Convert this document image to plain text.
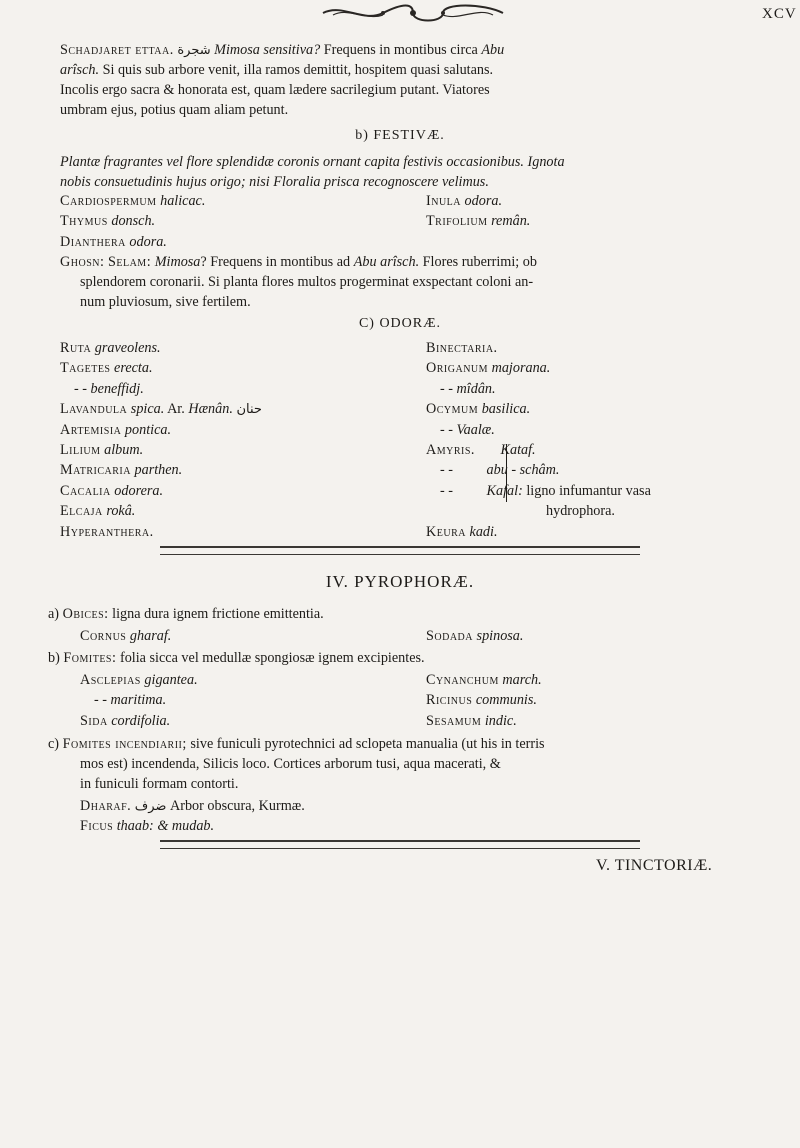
XCV
Schadjaret ettaa. شجرة Mimosa sensitiva? Frequens in montibus circa Abu
arîsch. Si quis sub arbore venit, illa ramos demittit, hospitem quasi salutans.
Incolis ergo sacra & honorata est, quam lædere sacrilegium putant. Viatores
umbram ejus, potius quam aliam petunt.
b) FESTIVÆ.
Plantæ fragrantes vel flore splendidæ coronis ornant capita festivis occasionibus. Ignota
nobis consuetudinis hujus origo; nisi Floralia prisca recognoscere velimus.
Cardiospermum halicac.
Thymus donsch.
Dianthera odora.
Inula odora.
Trifolium remân.
Ghosn: Selam: Mimosa? Frequens in montibus ad Abu arîsch. Flores ruberrimi; ob
splendorem coronarii. Si planta flores multos progerminat exspectant coloni an-
num pluviosum, sive fertilem.
C) ODORÆ.
Ruta graveolens.
Tagetes erecta.
- - beneffidj.
Lavandula spica. Ar. Hænân. حنان
Artemisia pontica.
Lilium album.
Matricaria parthen.
Cacalia odorera.
Elcaja rokâ.
Hyperanthera.
Binectaria.
Origanum majorana.
- - mîdân.
Ocymum basilica.
- - Vaalæ.
Amyris. Kataf.
- - abu - schâm.
- - Kafal: ligno infumantur vasa
hydrophora.
Keura kadi.
IV. PYROPHORÆ.
a) Obices: ligna dura ignem frictione emittentia.
Cornus gharaf.	Sodada spinosa.
b) Fomites: folia sicca vel medullæ spongiosæ ignem excipientes.
Asclepias gigantea.
- - maritima.
Sida cordifolia.
Cynanchum march.
Ricinus communis.
Sesamum indic.
c) Fomites incendiarii; sive funiculi pyrotechnici ad sclopeta manualia (ut his in terris
mos est) incendenda, Silicis loco. Cortices arborum tusi, aqua macerati, &
in funiculi formam contorti.
Dharaf. ضرف Arbor obscura, Kurmæ.
Ficus thaab: & mudab.
V. TINCTORIÆ.
